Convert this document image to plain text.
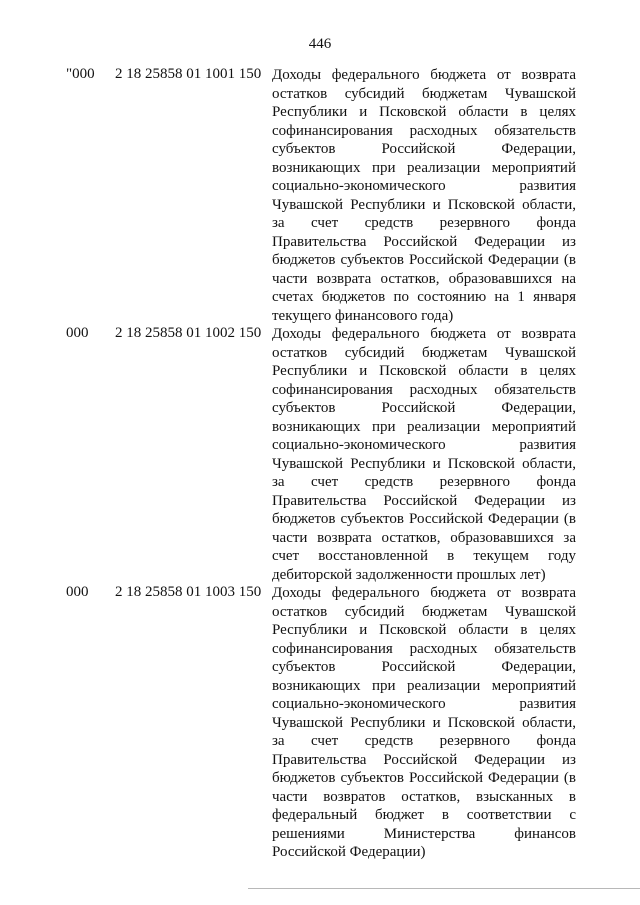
446
"000 2 18 25858 01 1001 150 Доходы федерального бюджета от возврата
остатков субсидий бюджетам Чувашской
Республики и Псковской области в целях
софинансирования расходных обязательств
субъектов Российской Федерации,
возникающих при реализации мероприятий
социально-экономического развития
Чувашской Республики и Псковской области,
за счет средств резервного фонда
Правительства Российской Федерации из
бюджетов субъектов Российской Федерации (в
части возврата остатков, образовавшихся на
счетах бюджетов по состоянию на 1 января
текущего финансового года)
000 2 18 25858 01 1002 150 Доходы федерального бюджета от возврата
остатков субсидий бюджетам Чувашской
Республики и Псковской области в целях
софинансирования расходных обязательств
субъектов Российской Федерации,
возникающих при реализации мероприятий
социально-экономического развития
Чувашской Республики и Псковской области,
за счет средств резервного фонда
Правительства Российской Федерации из
бюджетов субъектов Российской Федерации (в
части возврата остатков, образовавшихся за
счет восстановленной в текущем году
дебиторской задолженности прошлых лет)
000 2 18 25858 01 1003 150 Доходы федерального бюджета от возврата
остатков субсидий бюджетам Чувашской
Республики и Псковской области в целях
софинансирования расходных обязательств
субъектов Российской Федерации,
возникающих при реализации мероприятий
социально-экономического развития
Чувашской Республики и Псковской области,
за счет средств резервного фонда
Правительства Российской Федерации из
бюджетов субъектов Российской Федерации (в
части возвратов остатков, взысканных в
федеральный бюджет в соответствии с
решениями Министерства финансов
Российской Федерации)
